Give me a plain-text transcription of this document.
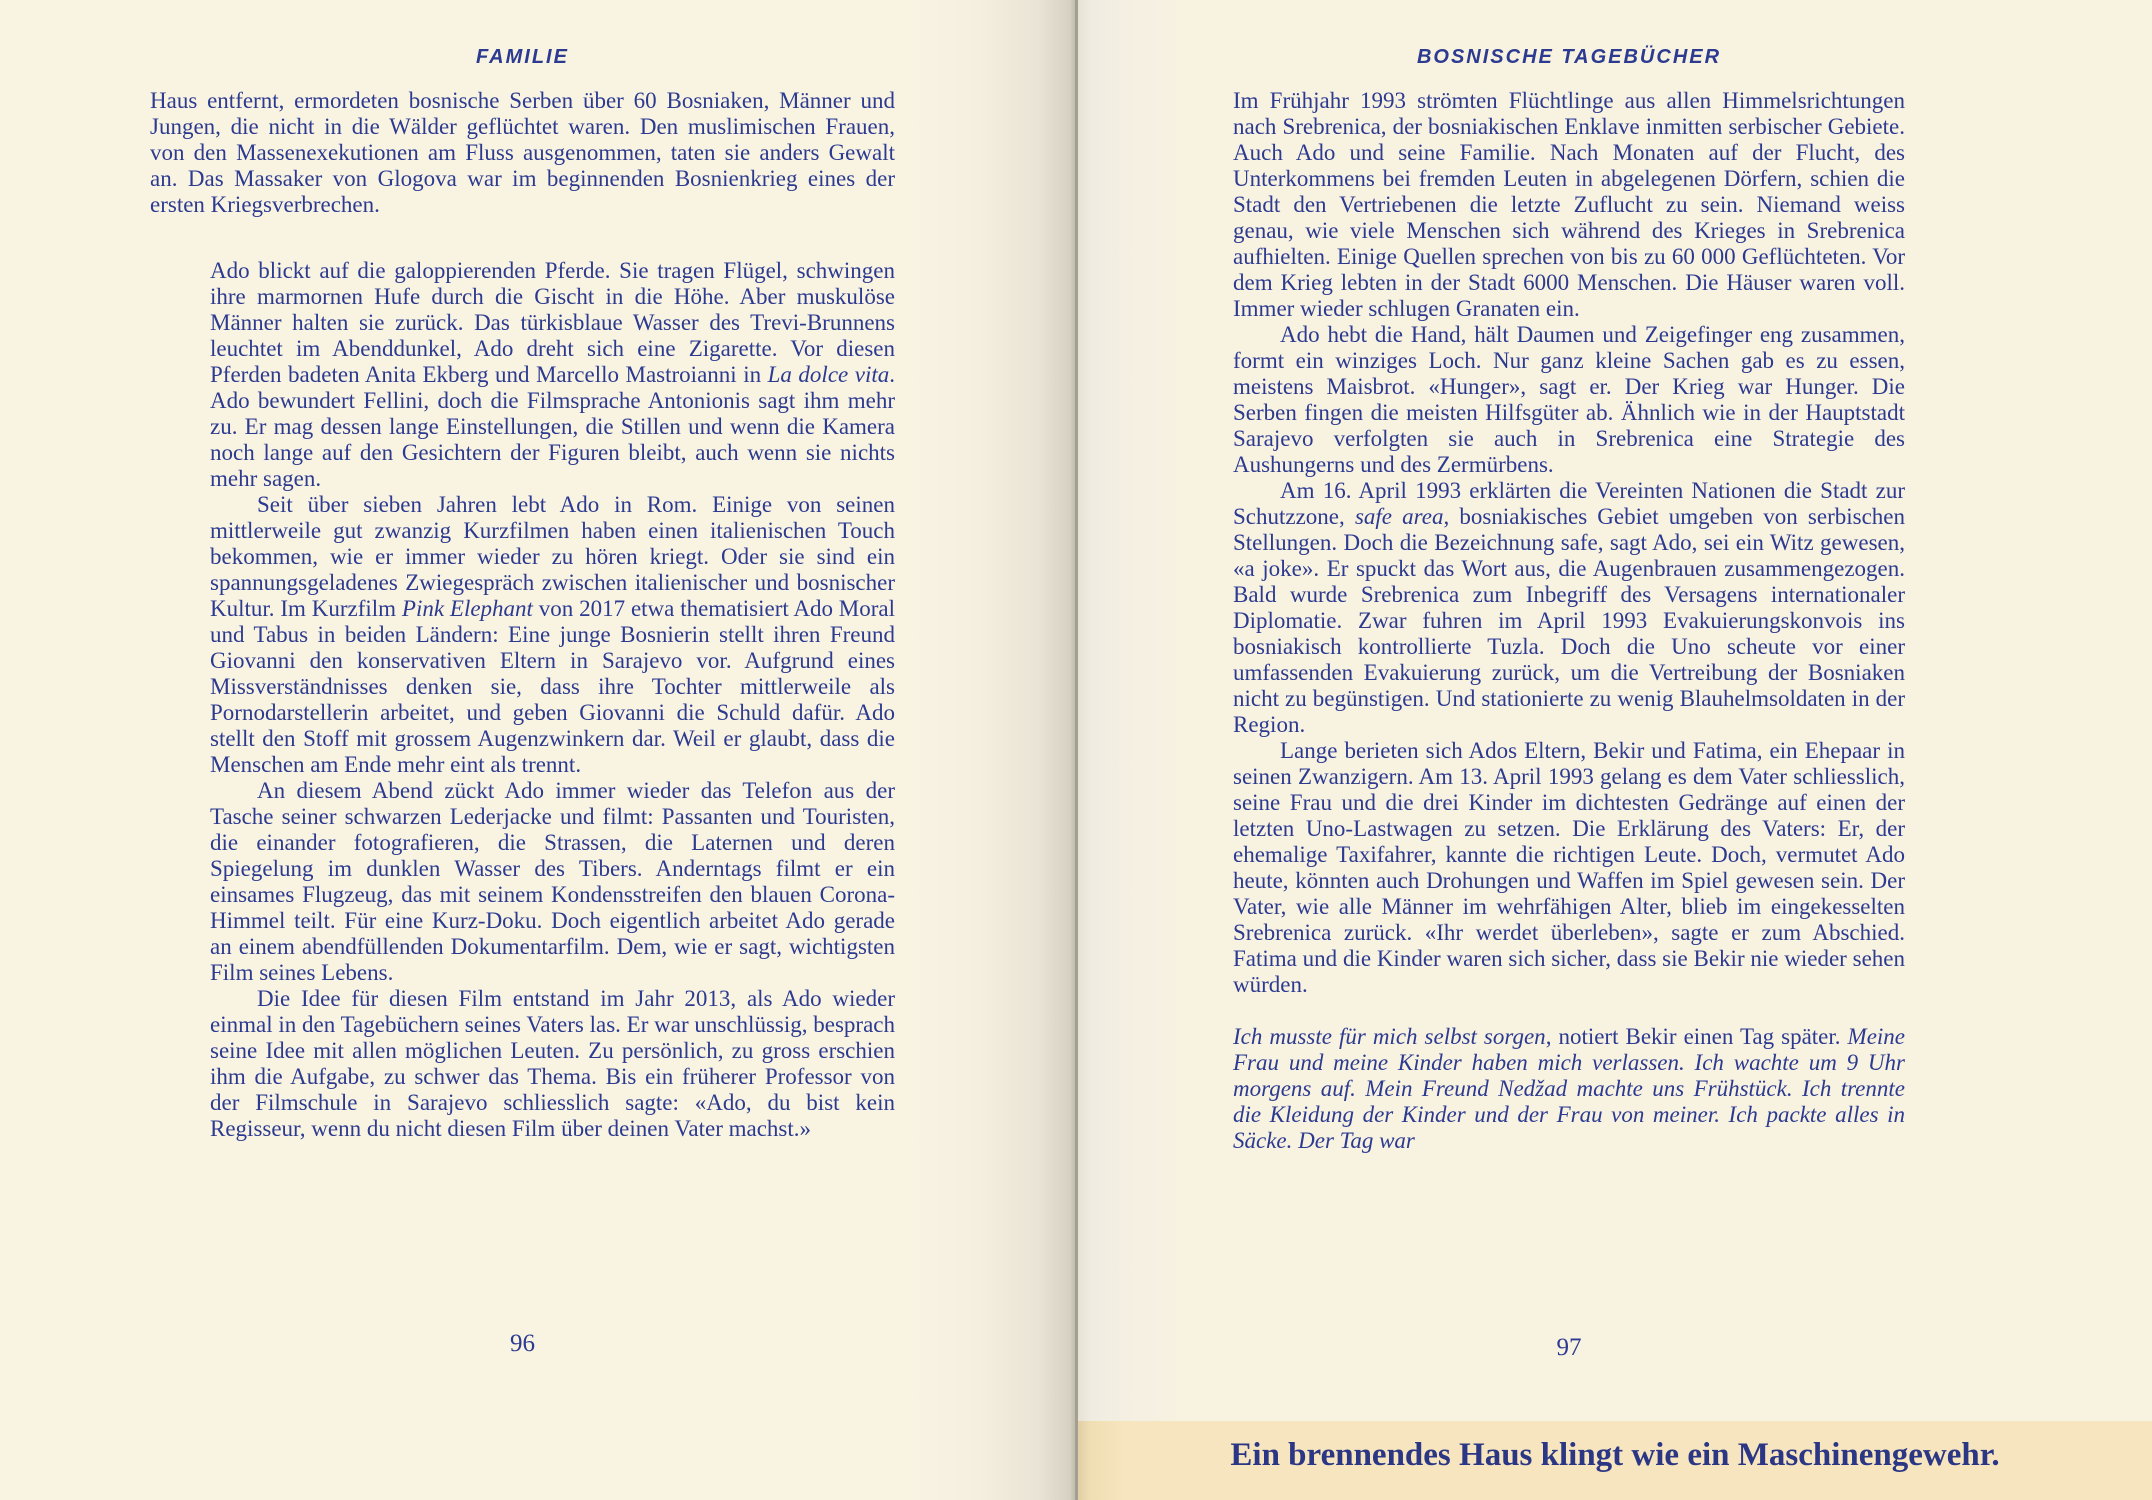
FAMILIE	BOSNISCHE TAGEBÜCHER

Haus entfernt, ermordeten bosnische Serben über 60 Bosniaken, Männer und Jungen, die nicht in die Wälder geflüchtet waren. Den muslimischen Frauen, von den Massenexekutionen am Fluss ausgenommen, taten sie anders Gewalt an. Das Massaker von Glogova war im beginnenden Bosnienkrieg eines der ersten Kriegsverbrechen.

Ado blickt auf die galoppierenden Pferde. Sie tragen Flügel, schwingen ihre marmornen Hufe durch die Gischt in die Höhe. Aber muskulöse Männer halten sie zurück. Das türkisblaue Wasser des Trevi-Brunnens leuchtet im Abenddunkel, Ado dreht sich eine Zigarette. Vor diesen Pferden badeten Anita Ekberg und Marcello Mastroianni in La dolce vita. Ado bewundert Fellini, doch die Filmsprache Antonionis sagt ihm mehr zu. Er mag dessen lange Einstellungen, die Stillen und wenn die Kamera noch lange auf den Gesichtern der Figuren bleibt, auch wenn sie nichts mehr sagen.

Seit über sieben Jahren lebt Ado in Rom. Einige von seinen mittlerweile gut zwanzig Kurzfilmen haben einen italienischen Touch bekommen, wie er immer wieder zu hören kriegt. Oder sie sind ein spannungsgeladenes Zwiegespräch zwischen italienischer und bosnischer Kultur. Im Kurzfilm Pink Elephant von 2017 etwa thematisiert Ado Moral und Tabus in beiden Ländern: Eine junge Bosnierin stellt ihren Freund Giovanni den konservativen Eltern in Sarajevo vor. Aufgrund eines Missverständnisses denken sie, dass ihre Tochter mittlerweile als Pornodarstellerin arbeitet, und geben Giovanni die Schuld dafür. Ado stellt den Stoff mit grossem Augenzwinkern dar. Weil er glaubt, dass die Menschen am Ende mehr eint als trennt.

An diesem Abend zückt Ado immer wieder das Telefon aus der Tasche seiner schwarzen Lederjacke und filmt: Passanten und Touristen, die einander fotografieren, die Strassen, die Laternen und deren Spiegelung im dunklen Wasser des Tibers. Anderntags filmt er ein einsames Flugzeug, das mit seinem Kondensstreifen den blauen Corona-Himmel teilt. Für eine Kurz-Doku. Doch eigentlich arbeitet Ado gerade an einem abendfüllenden Dokumentarfilm. Dem, wie er sagt, wichtigsten Film seines Lebens.

Die Idee für diesen Film entstand im Jahr 2013, als Ado wieder einmal in den Tagebüchern seines Vaters las. Er war unschlüssig, besprach seine Idee mit allen möglichen Leuten. Zu persönlich, zu gross erschien ihm die Aufgabe, zu schwer das Thema. Bis ein früherer Professor von der Filmschule in Sarajevo schliesslich sagte: «Ado, du bist kein Regisseur, wenn du nicht diesen Film über deinen Vater machst.»

Im Frühjahr 1993 strömten Flüchtlinge aus allen Himmelsrichtungen nach Srebrenica, der bosniakischen Enklave inmitten serbischer Gebiete. Auch Ado und seine Familie. Nach Monaten auf der Flucht, des Unterkommens bei fremden Leuten in abgelegenen Dörfern, schien die Stadt den Vertriebenen die letzte Zuflucht zu sein. Niemand weiss genau, wie viele Menschen sich während des Krieges in Srebrenica aufhielten. Einige Quellen sprechen von bis zu 60 000 Geflüchteten. Vor dem Krieg lebten in der Stadt 6000 Menschen. Die Häuser waren voll. Immer wieder schlugen Granaten ein.

Ado hebt die Hand, hält Daumen und Zeigefinger eng zusammen, formt ein winziges Loch. Nur ganz kleine Sachen gab es zu essen, meistens Maisbrot. «Hunger», sagt er. Der Krieg war Hunger. Die Serben fingen die meisten Hilfsgüter ab. Ähnlich wie in der Hauptstadt Sarajevo verfolgten sie auch in Srebrenica eine Strategie des Aushungerns und des Zermürbens.

Am 16. April 1993 erklärten die Vereinten Nationen die Stadt zur Schutzzone, safe area, bosniakisches Gebiet umgeben von serbischen Stellungen. Doch die Bezeichnung safe, sagt Ado, sei ein Witz gewesen, «a joke». Er spuckt das Wort aus, die Augenbrauen zusammengezogen. Bald wurde Srebrenica zum Inbegriff des Versagens internationaler Diplomatie. Zwar fuhren im April 1993 Evakuierungskonvois ins bosniakisch kontrollierte Tuzla. Doch die Uno scheute vor einer umfassenden Evakuierung zurück, um die Vertreibung der Bosniaken nicht zu begünstigen. Und stationierte zu wenig Blauhelmsoldaten in der Region.

Lange berieten sich Ados Eltern, Bekir und Fatima, ein Ehepaar in seinen Zwanzigern. Am 13. April 1993 gelang es dem Vater schliesslich, seine Frau und die drei Kinder im dichtesten Gedränge auf einen der letzten Uno-Lastwagen zu setzen. Die Erklärung des Vaters: Er, der ehemalige Taxifahrer, kannte die richtigen Leute. Doch, vermutet Ado heute, könnten auch Drohungen und Waffen im Spiel gewesen sein. Der Vater, wie alle Männer im wehrfähigen Alter, blieb im eingekesselten Srebrenica zurück. «Ihr werdet überleben», sagte er zum Abschied. Fatima und die Kinder waren sich sicher, dass sie Bekir nie wieder sehen würden.

Ich musste für mich selbst sorgen, notiert Bekir einen Tag später. Meine Frau und meine Kinder haben mich verlassen. Ich wachte um 9 Uhr morgens auf. Mein Freund Nedžad machte uns Frühstück. Ich trennte die Kleidung der Kinder und der Frau von meiner. Ich packte alles in Säcke. Der Tag war

96	97
Ein brennendes Haus klingt wie ein Maschinengewehr.
